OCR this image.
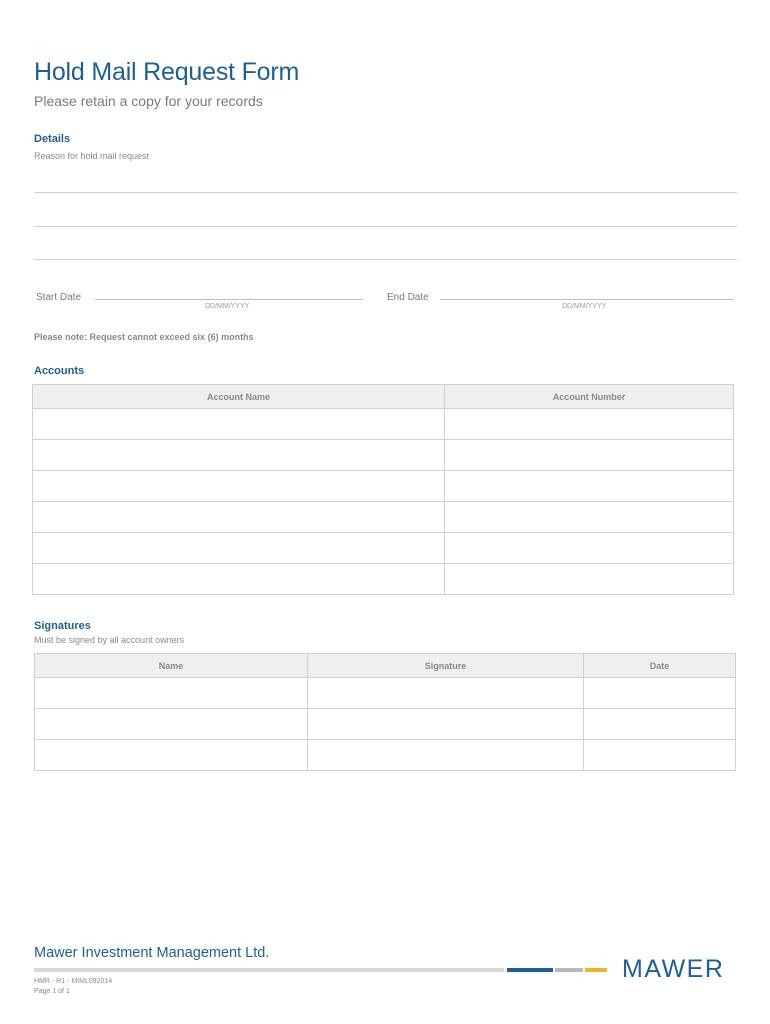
Hold Mail Request Form
Please retain a copy for your records
Details
Reason for hold mail request
Start Date
DD/MM/YYYY
End Date
DD/MM/YYYY
Please note: Request cannot exceed six (6) months
Accounts
Account Name	Account Number

Signatures
Must be signed by all account owners
Name	Signature	Date

Mawer Investment Management Ltd.
MAWER
HMR - R1 - MIML092014
Page 1 of 1
